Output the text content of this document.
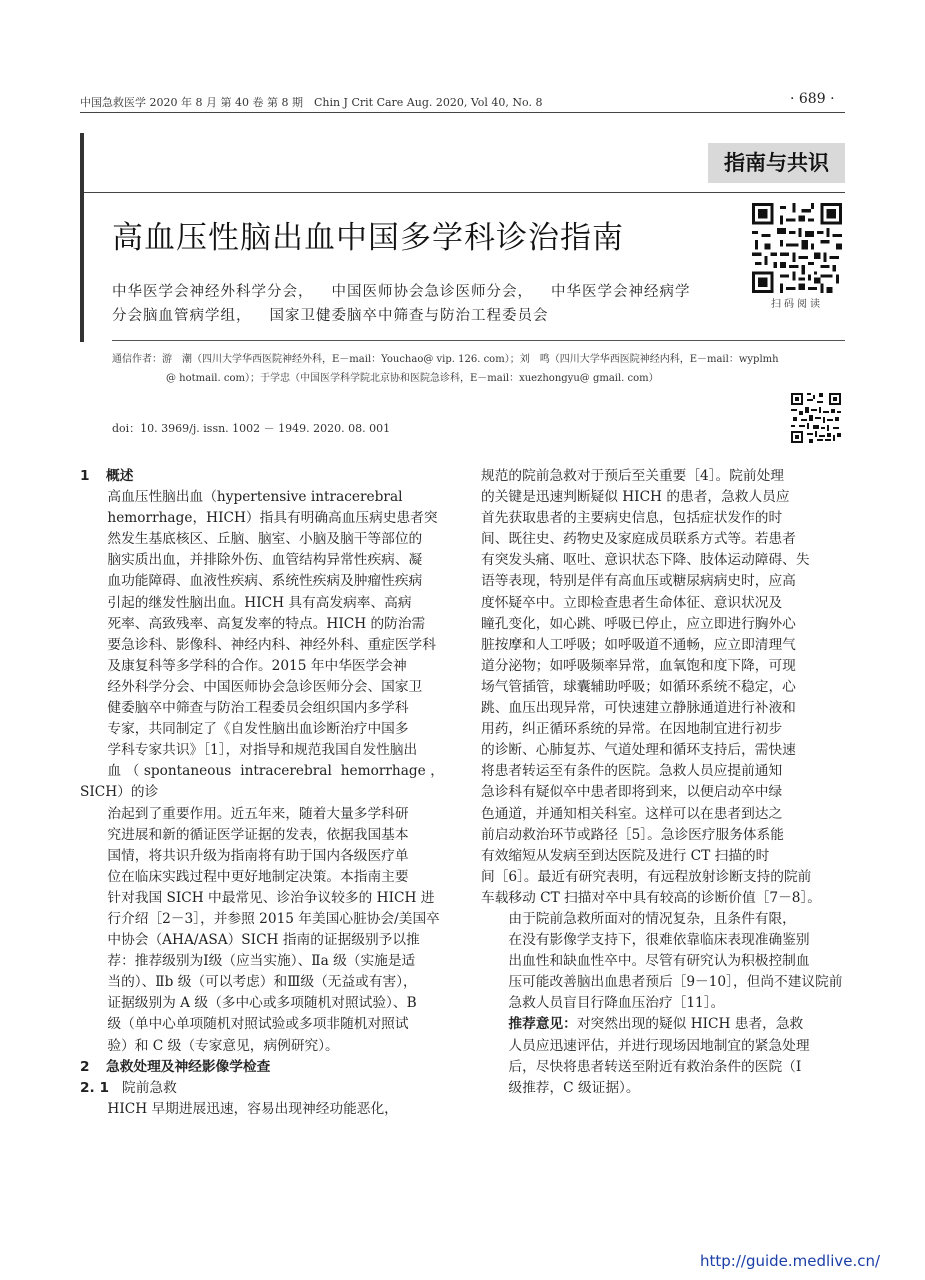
中国急救医学 2020 年 8 月 第 40 卷 第 8 期　Chin J Crit Care Aug. 2020, Vol 40, No. 8	· 689 ·
指南与共识
高血压性脑出血中国多学科诊治指南
中华医学会神经外科学分会， 中国医师协会急诊医师分会， 中华医学会神经病学
分会脑血管病学组， 国家卫健委脑卒中筛查与防治工程委员会
扫码阅读
通信作者：游　潮（四川大学华西医院神经外科，E－mail：Youchao@ vip. 126. com）；刘　鸣（四川大学华西医院神经内科，E－mail：wyplmh
@ hotmail. com）；于学忠（中国医学科学院北京协和医院急诊科，E－mail：xuezhongyu@ gmail. com）
doi：10. 3969/j. issn. 1002 － 1949. 2020. 08. 001
1 概述

高血压性脑出血（hypertensive intracerebral
hemorrhage，HICH）指具有明确高血压病史患者突
然发生基底核区、丘脑、脑室、小脑及脑干等部位的
脑实质出血，并排除外伤、血管结构异常性疾病、凝
血功能障碍、血液性疾病、系统性疾病及肿瘤性疾病
引起的继发性脑出血。HICH 具有高发病率、高病
死率、高致残率、高复发率的特点。HICH 的防治需
要急诊科、影像科、神经内科、神经外科、重症医学科
及康复科等多学科的合作。2015 年中华医学会神
经外科学分会、中国医师协会急诊医师分会、国家卫
健委脑卒中筛查与防治工程委员会组织国内多学科
专家，共同制定了《自发性脑出血诊断治疗中国多
学科专家共识》［1］，对指导和规范我国自发性脑出
血（spontaneous intracerebral hemorrhage，SICH）的诊
治起到了重要作用。近五年来，随着大量多学科研
究进展和新的循证医学证据的发表，依据我国基本
国情，将共识升级为指南将有助于国内各级医疗单
位在临床实践过程中更好地制定决策。本指南主要
针对我国 SICH 中最常见、诊治争议较多的 HICH 进
行介绍［2－3］，并参照 2015 年美国心脏协会/美国卒
中协会（AHA/ASA）SICH 指南的证据级别予以推
荐：推荐级别为Ⅰ级（应当实施）、Ⅱa 级（实施是适
当的）、Ⅱb 级（可以考虑）和Ⅲ级（无益或有害），
证据级别为 A 级（多中心或多项随机对照试验）、B
级（单中心单项随机对照试验或多项非随机对照试
验）和 C 级（专家意见，病例研究）。

2 急救处理及神经影像学检查
2. 1 院前急救

HICH 早期进展迅速，容易出现神经功能恶化，

规范的院前急救对于预后至关重要［4］。院前处理
的关键是迅速判断疑似 HICH 的患者，急救人员应
首先获取患者的主要病史信息，包括症状发作的时
间、既往史、药物史及家庭成员联系方式等。若患者
有突发头痛、呕吐、意识状态下降、肢体运动障碍、失
语等表现，特别是伴有高血压或糖尿病病史时，应高
度怀疑卒中。立即检查患者生命体征、意识状况及
瞳孔变化，如心跳、呼吸已停止，应立即进行胸外心
脏按摩和人工呼吸；如呼吸道不通畅，应立即清理气
道分泌物；如呼吸频率异常，血氧饱和度下降，可现
场气管插管，球囊辅助呼吸；如循环系统不稳定，心
跳、血压出现异常，可快速建立静脉通道进行补液和
用药，纠正循环系统的异常。在因地制宜进行初步
的诊断、心肺复苏、气道处理和循环支持后，需快速
将患者转运至有条件的医院。急救人员应提前通知
急诊科有疑似卒中患者即将到来，以便启动卒中绿
色通道，并通知相关科室。这样可以在患者到达之
前启动救治环节或路径［5］。急诊医疗服务体系能
有效缩短从发病至到达医院及进行 CT 扫描的时
间［6］。最近有研究表明，有远程放射诊断支持的院前
车载移动 CT 扫描对卒中具有较高的诊断价值［7－8］。

由于院前急救所面对的情况复杂，且条件有限，
在没有影像学支持下，很难依靠临床表现准确鉴别
出血性和缺血性卒中。尽管有研究认为积极控制血
压可能改善脑出血患者预后［9－10］，但尚不建议院前
急救人员盲目行降血压治疗［11］。

推荐意见：对突然出现的疑似 HICH 患者，急救
人员应迅速评估，并进行现场因地制宜的紧急处理
后，尽快将患者转送至附近有救治条件的医院（Ⅰ
级推荐，C 级证据）。

http://guide.medlive.cn/
